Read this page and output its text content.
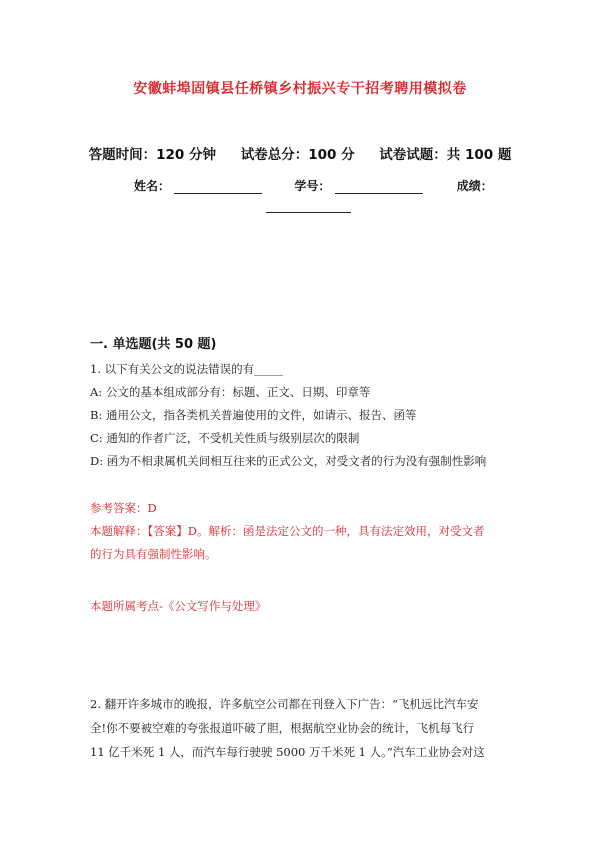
安徽蚌埠固镇县任桥镇乡村振兴专干招考聘用模拟卷
答题时间：120 分钟 试卷总分：100 分 试卷试题：共 100 题
姓名：	学号：	成绩：
一. 单选题(共 50 题)
1. 以下有关公文的说法错误的有_____
A: 公文的基本组成部分有：标题、正文、日期、印章等
B: 通用公文，指各类机关普遍使用的文件，如请示、报告、函等
C: 通知的作者广泛，不受机关性质与级别层次的限制
D: 函为不相隶属机关间相互往来的正式公文，对受文者的行为没有强制性影响
参考答案：D
本题解释：【答案】D。解析：函是法定公文的一种，具有法定效用，对受文者
的行为具有强制性影响。
本题所属考点-《公文写作与处理》
2. 翻开许多城市的晚报，许多航空公司都在刊登入下广告：“飞机远比汽车安
全!你不要被空难的夸张报道吓破了胆，根据航空业协会的统计，飞机每飞行
11 亿千米死 1 人，而汽车每行驶驶 5000 万千米死 1 人。”汽车工业协会对这
